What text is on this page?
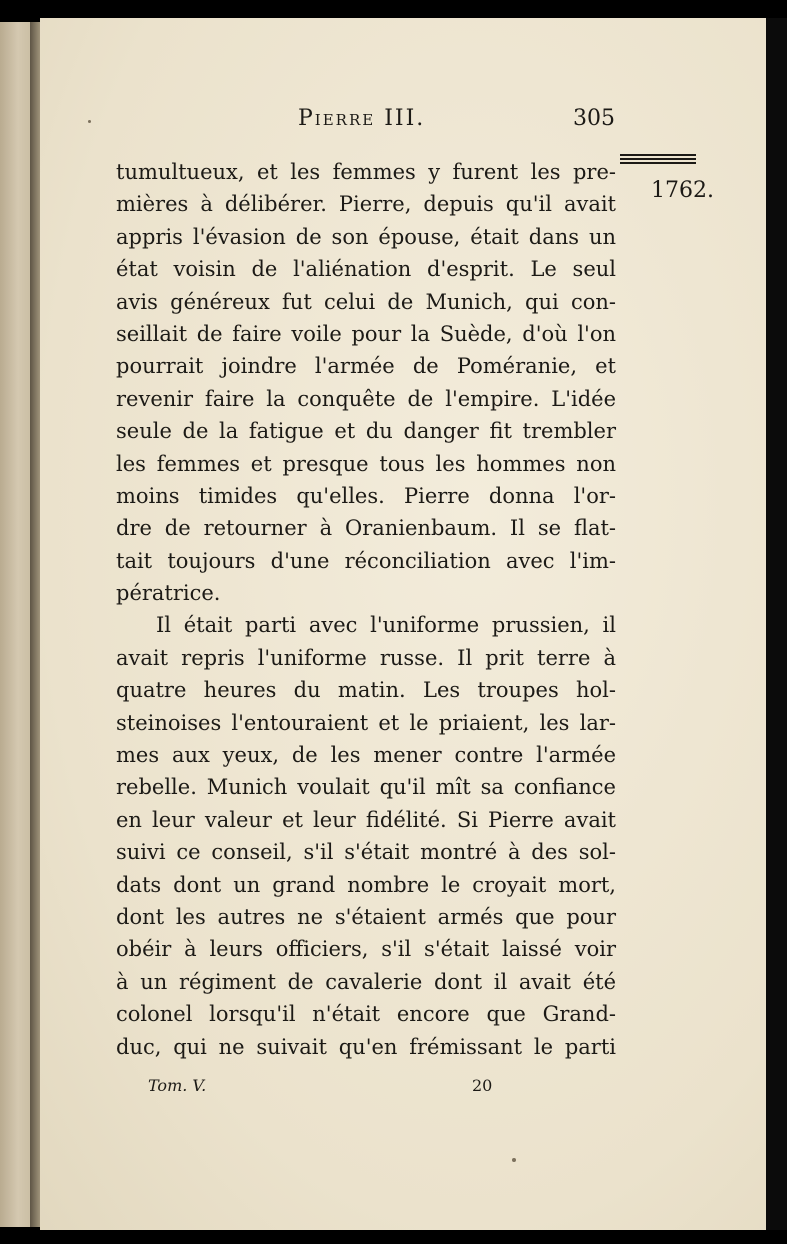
Pierre III.	305
1762.
tumultueux, et les femmes y furent les pre-
mières à délibérer. Pierre, depuis qu'il avait
appris l'évasion de son épouse, était dans un
état voisin de l'aliénation d'esprit. Le seul
avis généreux fut celui de Munich, qui con-
seillait de faire voile pour la Suède, d'où l'on
pourrait joindre l'armée de Poméranie, et
revenir faire la conquête de l'empire. L'idée
seule de la fatigue et du danger fit trembler
les femmes et presque tous les hommes non
moins timides qu'elles. Pierre donna l'or-
dre de retourner à Oranienbaum. Il se flat-
tait toujours d'une réconciliation avec l'im-
pératrice.
Il était parti avec l'uniforme prussien, il
avait repris l'uniforme russe. Il prit terre à
quatre heures du matin. Les troupes hol-
steinoises l'entouraient et le priaient, les lar-
mes aux yeux, de les mener contre l'armée
rebelle. Munich voulait qu'il mît sa confiance
en leur valeur et leur fidélité. Si Pierre avait
suivi ce conseil, s'il s'était montré à des sol-
dats dont un grand nombre le croyait mort,
dont les autres ne s'étaient armés que pour
obéir à leurs officiers, s'il s'était laissé voir
à un régiment de cavalerie dont il avait été
colonel lorsqu'il n'était encore que Grand-
duc, qui ne suivait qu'en frémissant le parti
Tom. V.	20
